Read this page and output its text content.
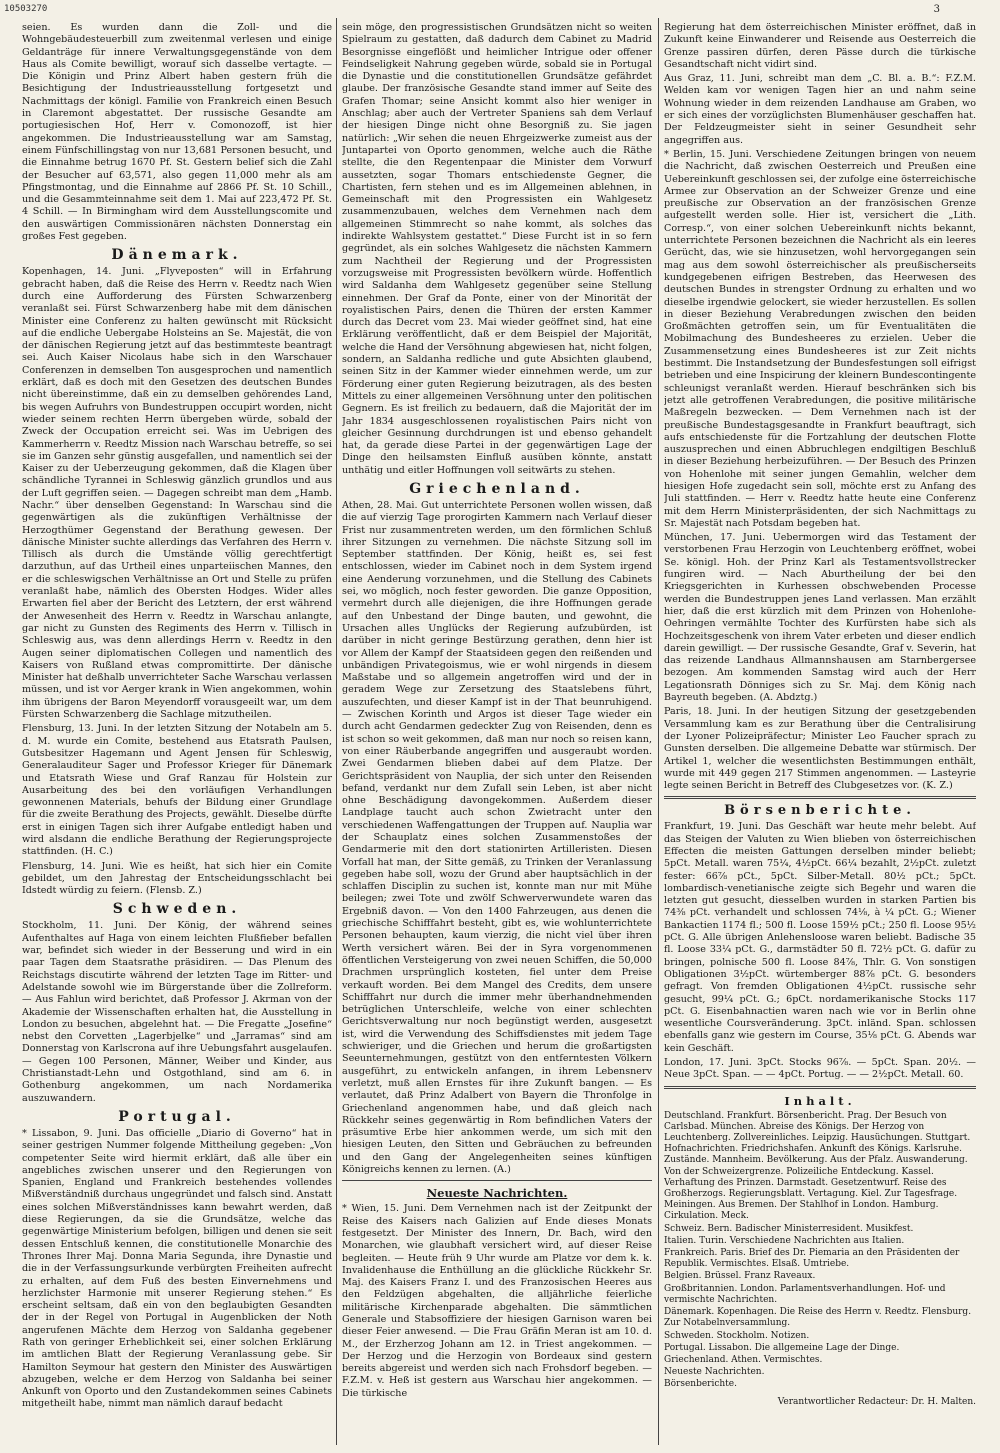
10503270	3

seien. Es wurden dann die Zoll- und die Wohngebäudesteuerbill zum zweitenmal verlesen und einige Geldanträge für innere Verwaltungsgegenstände von dem Haus als Comite bewilligt, worauf sich dasselbe vertagte. — Die Königin und Prinz Albert haben gestern früh die Besichtigung der Industrieausstellung fortgesetzt und Nachmittags der königl. Familie von Frankreich einen Besuch in Claremont abgestattet. Der russische Gesandte am portugiesischen Hof, Herr v. Comonozoff, ist hier angekommen. Die Industrieausstellung war am Samstag, einem Fünfschillingstag von nur 13,681 Personen besucht, und die Einnahme betrug 1670 Pf. St. Gestern belief sich die Zahl der Besucher auf 63,571, also gegen 11,000 mehr als am Pfingstmontag, und die Einnahme auf 2866 Pf. St. 10 Schill., und die Gesammteinnahme seit dem 1. Mai auf 223,472 Pf. St. 4 Schill. — In Birmingham wird dem Ausstellungscomite und den auswärtigen Commissionären nächsten Donnerstag ein großes Fest gegeben.

Dänemark.

Kopenhagen, 14. Juni. „Flyveposten“ will in Erfahrung gebracht haben, daß die Reise des Herrn v. Reedtz nach Wien durch eine Aufforderung des Fürsten Schwarzenberg veranlaßt sei. Fürst Schwarzenberg habe mit dem dänischen Minister eine Conferenz zu halten gewünscht mit Rücksicht auf die endliche Uebergabe Holsteins an Se. Majestät, die von der dänischen Regierung jetzt auf das bestimmteste beantragt sei. Auch Kaiser Nicolaus habe sich in den Warschauer Conferenzen in demselben Ton ausgesprochen und namentlich erklärt, daß es doch mit den Gesetzen des deutschen Bundes nicht übereinstimme, daß ein zu demselben gehörendes Land, bis wegen Aufruhrs von Bundestruppen occupirt worden, nicht wieder seinem rechten Herrn übergeben würde, sobald der Zweck der Occupation erreicht sei. Was im Uebrigen des Kammerherrn v. Reedtz Mission nach Warschau betreffe, so sei sie im Ganzen sehr günstig ausgefallen, und namentlich sei der Kaiser zu der Ueberzeugung gekommen, daß die Klagen über schändliche Tyrannei in Schleswig gänzlich grundlos und aus der Luft gegriffen seien. — Dagegen schreibt man dem „Hamb. Nachr.“ über denselben Gegenstand: In Warschau sind die gegenwärtigen als die zukünftigen Verhältnisse der Herzogthümer Gegenstand der Berathung gewesen. Der dänische Minister suchte allerdings das Verfahren des Herrn v. Tillisch als durch die Umstände völlig gerechtfertigt darzuthun, auf das Urtheil eines unparteiischen Mannes, den er die schleswigschen Verhältnisse an Ort und Stelle zu prüfen veranlaßt habe, nämlich des Obersten Hodges. Wider alles Erwarten fiel aber der Bericht des Letztern, der erst während der Anwesenheit des Herrn v. Reedtz in Warschau anlangte, gar nicht zu Gunsten des Regiments des Herrn v. Tillisch in Schleswig aus, was denn allerdings Herrn v. Reedtz in den Augen seiner diplomatischen Collegen und namentlich des Kaisers von Rußland etwas compromittirte. Der dänische Minister hat deßhalb unverrichteter Sache Warschau verlassen müssen, und ist vor Aerger krank in Wien angekommen, wohin ihm übrigens der Baron Meyendorff vorausgeeilt war, um dem Fürsten Schwarzenberg die Sachlage mitzutheilen.

Flensburg, 13. Juni. In der letzten Sitzung der Notabeln am 5. d. M. wurde ein Comite, bestehend aus Etatsrath Paulsen, Gutsbesitzer Hagemann und Agent Jensen für Schleswig, Generalauditeur Sager und Professor Krieger für Dänemark und Etatsrath Wiese und Graf Ranzau für Holstein zur Ausarbeitung des bei den vorläufigen Verhandlungen gewonnenen Materials, behufs der Bildung einer Grundlage für die zweite Berathung des Projects, gewählt. Dieselbe dürfte erst in einigen Tagen sich ihrer Aufgabe entledigt haben und wird alsdann die endliche Berathung der Regierungsprojecte stattfinden. (H. C.)

Flensburg, 14. Juni. Wie es heißt, hat sich hier ein Comite gebildet, um den Jahrestag der Entscheidungsschlacht bei Idstedt würdig zu feiern. (Flensb. Z.)

Schweden.

Stockholm, 11. Juni. Der König, der während seines Aufenthaltes auf Haga von einem leichten Flußfieber befallen war, befindet sich wieder in der Besserung und wird in ein paar Tagen dem Staatsrathe präsidiren. — Das Plenum des Reichstags discutirte während der letzten Tage im Ritter- und Adelstande sowohl wie im Bürgerstande über die Zollreform. — Aus Fahlun wird berichtet, daß Professor J. Akrman von der Akademie der Wissenschaften erhalten hat, die Ausstellung in London zu besuchen, abgelehnt hat. — Die Fregatte „Josefine“ nebst den Corvetten „Lagerbjelke“ und „Jarramas“ sind am Donnerstag von Karlscrona auf ihre Uebungsfahrt ausgelaufen. — Gegen 100 Personen, Männer, Weiber und Kinder, aus Christianstadt-Lehn und Ostgothland, sind am 6. in Gothenburg angekommen, um nach Nordamerika auszuwandern.

Portugal.

* Lissabon, 9. Juni. Das officielle „Diario di Governo“ hat in seiner gestrigen Nummer folgende Mittheilung gegeben: „Von competenter Seite wird hiermit erklärt, daß alle über ein angebliches zwischen unserer und den Regierungen von Spanien, England und Frankreich bestehendes vollendes Mißverständniß durchaus ungegründet und falsch sind. Anstatt eines solchen Mißverständnisses kann bewahrt werden, daß diese Regierungen, da sie die Grundsätze, welche das gegenwärtige Ministerium befolgen, billigen und denen sie seit dessen Entschluß kennen, die constitutionelle Monarchie des Thrones Ihrer Maj. Donna Maria Segunda, ihre Dynastie und die in der Verfassungsurkunde verbürgten Freiheiten aufrecht zu erhalten, auf dem Fuß des besten Einvernehmens und herzlichster Harmonie mit unserer Regierung stehen.“ Es erscheint seltsam, daß ein von den beglaubigten Gesandten der in der Regel von Portugal in Augenblicken der Noth angerufenen Mächte dem Herzog von Saldanha gegebener Rath von geringer Erheblichkeit sei, einer solchen Erklärung im amtlichen Blatt der Regierung Veranlassung gebe. Sir Hamilton Seymour hat gestern den Minister des Auswärtigen abzugeben, welche er dem Herzog von Saldanha bei seiner Ankunft von Oporto und den Zustandekommen seines Cabinets mitgetheilt habe, nimmt man nämlich darauf bedacht

sein möge, den progressistischen Grundsätzen nicht so weiten Spielraum zu gestatten, daß dadurch dem Cabinet zu Madrid Besorgnisse eingeflößt und heimlicher Intrigue oder offener Feindseligkeit Nahrung gegeben würde, sobald sie in Portugal die Dynastie und die constitutionellen Grundsätze gefährdet glaube. Der französische Gesandte stand immer auf Seite des Grafen Thomar; seine Ansicht kommt also hier weniger in Anschlag; aber auch der Vertreter Spaniens sah dem Verlauf der hiesigen Dinge nicht ohne Besorgniß zu. Sie jagen natürlich: „Wir sehen die neuen Ehrgeizwerke zumeist aus der Juntapartei von Oporto genommen, welche auch die Räthe stellte, die den Regentenpaar die Minister dem Vorwurf aussetzten, sogar Thomars entschiedenste Gegner, die Chartisten, fern stehen und es im Allgemeinen ablehnen, in Gemeinschaft mit den Progressisten ein Wahlgesetz zusammenzubauen, welches dem Vernehmen nach dem allgemeinen Stimmrecht so nahe kommt, als solches das indirekte Wahlsystem gestattet.“ Diese Furcht ist in so fern gegründet, als ein solches Wahlgesetz die nächsten Kammern zum Nachtheil der Regierung und der Progressisten vorzugsweise mit Progressisten bevölkern würde. Hoffentlich wird Saldanha dem Wahlgesetz gegenüber seine Stellung einnehmen. Der Graf da Ponte, einer von der Minorität der royalistischen Pairs, denen die Thüren der ersten Kammer durch das Decret vom 23. Mai wieder geöffnet sind, hat eine Erklärung veröffentlicht, daß er dem Beispiel der Majorität, welche die Hand der Versöhnung abgewiesen hat, nicht folgen, sondern, an Saldanha redliche und gute Absichten glaubend, seinen Sitz in der Kammer wieder einnehmen werde, um zur Förderung einer guten Regierung beizutragen, als des besten Mittels zu einer allgemeinen Versöhnung unter den politischen Gegnern. Es ist freilich zu bedauern, daß die Majorität der im Jahr 1834 ausgeschlossenen royalistischen Pairs nicht von gleicher Gesinnung durchdrungen ist und ebenso gehandelt hat, da gerade diese Partei in der gegenwärtigen Lage der Dinge den heilsamsten Einfluß ausüben könnte, anstatt unthätig und eitler Hoffnungen voll seitwärts zu stehen.

Griechenland.

Athen, 28. Mai. Gut unterrichtete Personen wollen wissen, daß die auf vierzig Tage prorogirten Kammern nach Verlauf dieser Frist nur zusammentreten werden, um den förmlichen Schluß ihrer Sitzungen zu vernehmen. Die nächste Sitzung soll im September stattfinden. Der König, heißt es, sei fest entschlossen, wieder im Cabinet noch in dem System irgend eine Aenderung vorzunehmen, und die Stellung des Cabinets sei, wo möglich, noch fester geworden. Die ganze Opposition, vermehrt durch alle diejenigen, die ihre Hoffnungen gerade auf den Unbestand der Dinge bauten, und gewohnt, die Ursachen alles Unglücks der Regierung aufzubürden, ist darüber in nicht geringe Bestürzung gerathen, denn hier ist vor Allem der Kampf der Staatsideen gegen den reißenden und unbändigen Privategoismus, wie er wohl nirgends in diesem Maßstabe und so allgemein angetroffen wird und der in geradem Wege zur Zersetzung des Staatslebens führt, auszufechten, und dieser Kampf ist in der That beunruhigend. — Zwischen Korinth und Argos ist dieser Tage wieder ein durch acht Gendarmen gedeckter Zug von Reisenden, denn es ist schon so weit gekommen, daß man nur noch so reisen kann, von einer Räuberbande angegriffen und ausgeraubt worden. Zwei Gendarmen blieben dabei auf dem Platze. Der Gerichtspräsident von Nauplia, der sich unter den Reisenden befand, verdankt nur dem Zufall sein Leben, ist aber nicht ohne Beschädigung davongekommen. Außerdem dieser Landplage taucht auch schon Zwietracht unter den verschiedenen Waffengattungen der Truppen auf. Nauplia war der Schauplatz eines solchen Zusammenstoßes der Gendarmerie mit den dort stationirten Artilleristen. Diesen Vorfall hat man, der Sitte gemäß, zu Trinken der Veranlassung gegeben habe soll, wozu der Grund aber hauptsächlich in der schlaffen Disciplin zu suchen ist, konnte man nur mit Mühe beilegen; zwei Tote und zwölf Schwerverwundete waren das Ergebniß davon. — Von den 1400 Fahrzeugen, aus denen die griechische Schifffahrt besteht, gibt es, wie wohlunterrichtete Personen behaupten, kaum vierzig, die nicht viel über ihren Werth versichert wären. Bei der in Syra vorgenommenen öffentlichen Versteigerung von zwei neuen Schiffen, die 50,000 Drachmen ursprünglich kosteten, fiel unter dem Preise verkauft worden. Bei dem Mangel des Credits, dem unsere Schifffahrt nur durch die immer mehr überhandnehmenden betrüglichen Unterschleife, welche von einer schlechten Gerichtsverwaltung nur noch begünstigt werden, ausgesetzt ist, wird die Verwendung des Schiffsdienstes mit jedem Tage schwieriger, und die Griechen und herum die großartigsten Seeunternehmungen, gestützt von den entferntesten Völkern ausgeführt, zu entwickeln anfangen, in ihrem Lebensnerv verletzt, muß allen Ernstes für ihre Zukunft bangen. — Es verlautet, daß Prinz Adalbert von Bayern die Thronfolge in Griechenland angenommen habe, und daß gleich nach Rückkehr seines gegenwärtig in Rom befindlichen Vaters der präsumtive Erbe hier ankommen werde, um sich mit den hiesigen Leuten, den Sitten und Gebräuchen zu befreunden und den Gang der Angelegenheiten seines künftigen Königreichs kennen zu lernen. (A.)

Neueste Nachrichten.

* Wien, 15. Juni. Dem Vernehmen nach ist der Zeitpunkt der Reise des Kaisers nach Galizien auf Ende dieses Monats festgesetzt. Der Minister des Innern, Dr. Bach, wird den Monarchen, wie glaubhaft versichert wird, auf dieser Reise begleiten. — Heute früh 9 Uhr wurde am Platze vor dem k. k. Invalidenhause die Enthüllung an die glückliche Rückkehr Sr. Maj. des Kaisers Franz I. und des Franzosischen Heeres aus den Feldzügen abgehalten, die alljährliche feierliche militärische Kirchenparade abgehalten. Die sämmtlichen Generale und Stabsoffiziere der hiesigen Garnison waren bei dieser Feier anwesend. — Die Frau Gräfin Meran ist am 10. d. M., der Erzherzog Johann am 12. in Triest angekommen. — Der Herzog und die Herzogin von Bordeaux sind gestern bereits abgereist und werden sich nach Frohsdorf begeben. — F.Z.M. v. Heß ist gestern aus Warschau hier angekommen. — Die türkische

Regierung hat dem österreichischen Minister eröffnet, daß in Zukunft keine Einwanderer und Reisende aus Oesterreich die Grenze passiren dürfen, deren Pässe durch die türkische Gesandtschaft nicht vidirt sind.

Aus Graz, 11. Juni, schreibt man dem „C. Bl. a. B.“: F.Z.M. Welden kam vor wenigen Tagen hier an und nahm seine Wohnung wieder in dem reizenden Landhause am Graben, wo er sich eines der vorzüglichsten Blumenhäuser geschaffen hat. Der Feldzeugmeister sieht in seiner Gesundheit sehr angegriffen aus.

* Berlin, 15. Juni. Verschiedene Zeitungen bringen von neuem die Nachricht, daß zwischen Oesterreich und Preußen eine Uebereinkunft geschlossen sei, der zufolge eine österreichische Armee zur Observation an der Schweizer Grenze und eine preußische zur Observation an der französischen Grenze aufgestellt werden solle. Hier ist, versichert die „Lith. Corresp.“, von einer solchen Uebereinkunft nichts bekannt, unterrichtete Personen bezeichnen die Nachricht als ein leeres Gerücht, das, wie sie hinzusetzen, wohl hervorgegangen sein mag aus dem sowohl österreichischer als preußischerseits kundgegebenen eifrigen Bestreben, das Heerwesen des deutschen Bundes in strengster Ordnung zu erhalten und wo dieselbe irgendwie gelockert, sie wieder herzustellen. Es sollen in dieser Beziehung Verabredungen zwischen den beiden Großmächten getroffen sein, um für Eventualitäten die Mobilmachung des Bundesheeres zu erzielen. Ueber die Zusammensetzung eines Bundesheeres ist zur Zeit nichts bestimmt. Die Instandsetzung der Bundesfestungen soll eifrigst betrieben und eine Inspicirung der kleinern Bundescontingente schleunigst veranlaßt werden. Hierauf beschränken sich bis jetzt alle getroffenen Verabredungen, die positive militärische Maßregeln bezwecken. — Dem Vernehmen nach ist der preußische Bundestagsgesandte in Frankfurt beauftragt, sich aufs entschiedenste für die Fortzahlung der deutschen Flotte auszusprechen und einen Abbruchlegen endgiltigen Beschluß in dieser Beziehung herbeizuführen. — Der Besuch des Prinzen von Hohenlohe mit seiner jungen Gemahlin, welcher dem hiesigen Hofe zugedacht sein soll, möchte erst zu Anfang des Juli stattfinden. — Herr v. Reedtz hatte heute eine Conferenz mit dem Herrn Ministerpräsidenten, der sich Nachmittags zu Sr. Majestät nach Potsdam begeben hat.

München, 17. Juni. Uebermorgen wird das Testament der verstorbenen Frau Herzogin von Leuchtenberg eröffnet, wobei Se. königl. Hoh. der Prinz Karl als Testamentsvollstrecker fungiren wird. — Nach Aburtheilung der bei den Kriegsgerichten in Kurhessen obschwebenden Processe werden die Bundestruppen jenes Land verlassen. Man erzählt hier, daß die erst kürzlich mit dem Prinzen von Hohenlohe-Oehringen vermählte Tochter des Kurfürsten habe sich als Hochzeitsgeschenk von ihrem Vater erbeten und dieser endlich darein gewilligt. — Der russische Gesandte, Graf v. Severin, hat das reizende Landhaus Allmannshausen am Starnbergersee bezogen. Am kommenden Samstag wird auch der Herr Legationsrath Dönniges sich zu Sr. Maj. dem König nach Bayreuth begeben. (A. Abdztg.)

Paris, 18. Juni. In der heutigen Sitzung der gesetzgebenden Versammlung kam es zur Berathung über die Centralisirung der Lyoner Polizeipräfectur; Minister Leo Faucher sprach zu Gunsten derselben. Die allgemeine Debatte war stürmisch. Der Artikel 1, welcher die wesentlichsten Bestimmungen enthält, wurde mit 449 gegen 217 Stimmen angenommen. — Lasteyrie legte seinen Bericht in Betreff des Clubgesetzes vor. (K. Z.)

Börsenberichte.

Frankfurt, 19. Juni. Das Geschäft war heute mehr belebt. Auf das Steigen der Valuten zu Wien blieben von österreichischen Effecten die meisten Gattungen derselben minder beliebt; 5pCt. Metall. waren 75¼, 4½pCt. 66¼ bezahlt, 2½pCt. zuletzt fester: 66⅞ pCt., 5pCt. Silber-Metall. 80½ pCt.; 5pCt. lombardisch-venetianische zeigte sich Begehr und waren die letzten gut gesucht, diesselben wurden in starken Partien bis 74⅜ pCt. verhandelt und schlossen 74⅛, à ¼ pCt. G.; Wiener Bankactien 1174 fl.; 500 fl. Loose 159½ pCt.; 250 fl. Loose 95½ pCt. G. Alle übrigen Anlehensloose waren beliebt. Badische 35 fl. Loose 33¼ pCt. G., darmstädter 50 fl. 72½ pCt. G. dafür zu bringen, polnische 500 fl. Loose 84⅞, Thlr. G. Von sonstigen Obligationen 3½pCt. würtemberger 88⅞ pCt. G. besonders gefragt. Von fremden Obligationen 4½pCt. russische sehr gesucht, 99¼ pCt. G.; 6pCt. nordamerikanische Stocks 117 pCt. G. Eisenbahnactien waren nach wie vor in Berlin ohne wesentliche Coursveränderung. 3pCt. inländ. Span. schlossen ebenfalls ganz wie gestern im Course, 35⅛ pCt. G. Abends war kein Geschäft.

London, 17. Juni. 3pCt. Stocks 96⅞. — 5pCt. Span. 20½. — Neue 3pCt. Span. — — 4pCt. Portug. — — 2½pCt. Metall. 60.

Inhalt.

Deutschland. Frankfurt. Börsenbericht. Prag. Der Besuch von Carlsbad. München. Abreise des Königs. Der Herzog von Leuchtenberg. Zollvereinliches. Leipzig. Hausüchungen. Stuttgart. Hofnachrichten. Friedrichshafen. Ankunft des Königs. Karlsruhe. Zustände. Mannheim. Bevölkerung. Aus der Pfalz. Auswanderung. Von der Schweizergrenze. Polizeiliche Entdeckung. Kassel. Verhaftung des Prinzen. Darmstadt. Gesetzentwurf. Reise des Großherzogs. Regierungsblatt. Vertagung. Kiel. Zur Tagesfrage. Meiningen. Aus Bremen. Der Stahlhof in London. Hamburg. Cirkulation. Meck.

Schweiz. Bern. Badischer Ministerresident. Musikfest.

Italien. Turin. Verschiedene Nachrichten aus Italien.

Frankreich. Paris. Brief des Dr. Piemaria an den Präsidenten der Republik. Vermischtes. Elsaß. Umtriebe.

Belgien. Brüssel. Franz Raveaux.

Großbritannien. London. Parlamentsverhandlungen. Hof- und vermischte Nachrichten.

Dänemark. Kopenhagen. Die Reise des Herrn v. Reedtz. Flensburg. Zur Notabelnversammlung.

Schweden. Stockholm. Notizen.

Portugal. Lissabon. Die allgemeine Lage der Dinge.

Griechenland. Athen. Vermischtes.

Neueste Nachrichten.

Börsenberichte.

Verantwortlicher Redacteur: Dr. H. Malten.
